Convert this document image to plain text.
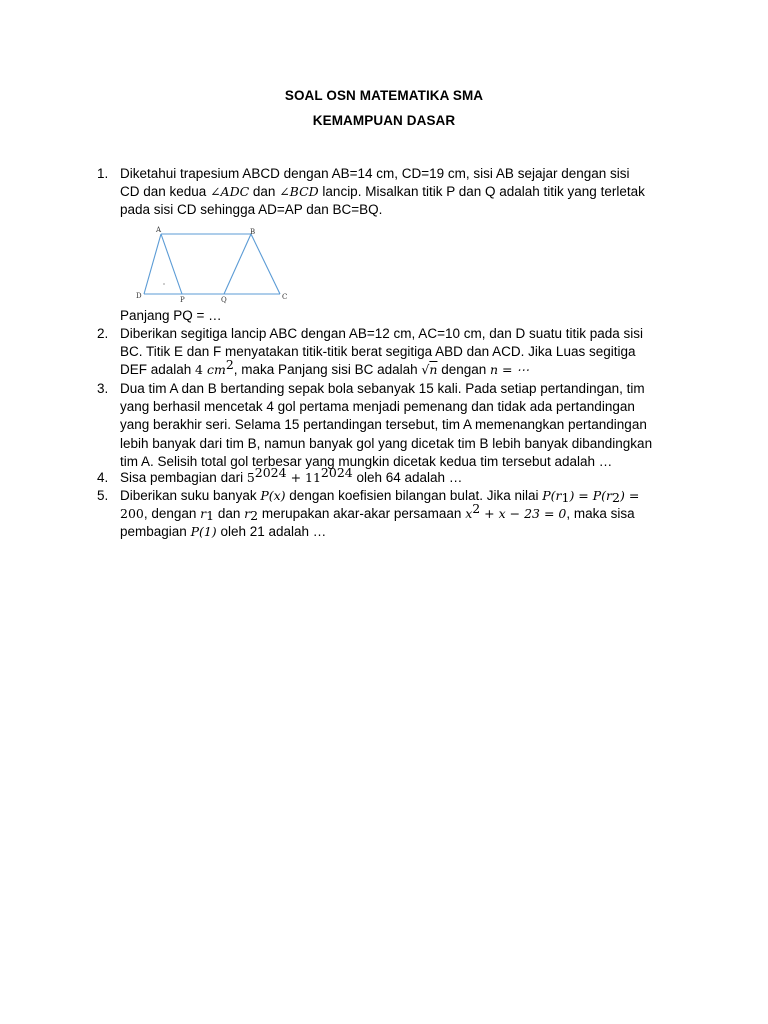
SOAL OSN MATEMATIKA SMA
KEMAMPUAN DASAR
1. Diketahui trapesium ABCD dengan AB=14 cm, CD=19 cm, sisi AB sejajar dengan sisi
CD dan kedua ∠ADC dan ∠BCD lancip. Misalkan titik P dan Q adalah titik yang terletak
pada sisi CD sehingga AD=AP dan BC=BQ.
A	B
C
D	P	Q
Panjang PQ = …
2. Diberikan segitiga lancip ABC dengan AB=12 cm, AC=10 cm, dan D suatu titik pada sisi
BC. Titik E dan F menyatakan titik-titik berat segitiga ABD dan ACD. Jika Luas segitiga
DEF adalah 4 $cm^2$, maka Panjang sisi BC adalah √n dengan n = ⋯
3. Dua tim A dan B bertanding sepak bola sebanyak 15 kali. Pada setiap pertandingan, tim
yang berhasil mencetak 4 gol pertama menjadi pemenang dan tidak ada pertandingan
yang berakhir seri. Selama 15 pertandingan tersebut, tim A memenangkan pertandingan
lebih banyak dari tim B, namun banyak gol yang dicetak tim B lebih banyak dibandingkan
tim A. Selisih total gol terbesar yang mungkin dicetak kedua tim tersebut adalah …
4. Sisa pembagian dari $5^{2024} + 11^{2024}$ oleh 64 adalah …
5. Diberikan suku banyak P(x) dengan koefisien bilangan bulat. Jika nilai $P(r_1) = P(r_2)$ =
200, dengan $r_1$ dan $r_2$ merupakan akar-akar persamaan $x^2 + x - 23 = 0$, maka sisa
pembagian P(1) oleh 21 adalah …
